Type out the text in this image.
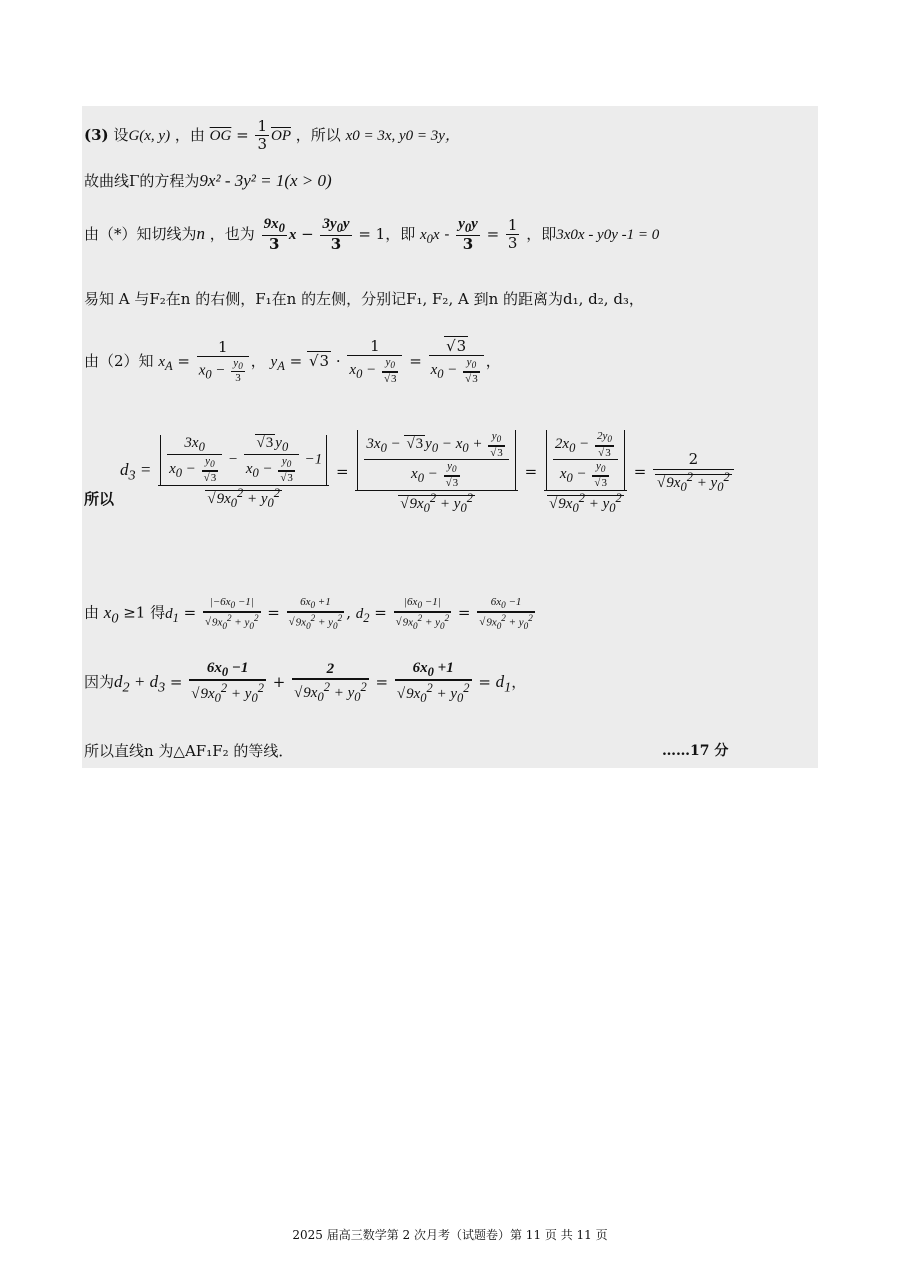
(3) 设G(x, y) ，由 $\overline{OG} = \frac{1}{3} \overline{OP}$ ，所以 x0 = 3x, y0 = 3y，
故曲线Γ的方程为9x² - 3y² = 1(x > 0)
由（*）知切线为n ，也为 $\frac{9x_0}{3}$ $x - \frac{3y_0y}{3} = 1$，即 $x_0x - \frac{y_0y}{3} = \frac{1}{3}$ ，即3x0x - y0y -1 = 0
易知 A 与F₂在n 的右侧，F₁在n 的左侧，分别记F₁, F₂, A 到n 的距离为d₁, d₂, d₃，
由（2）知 $x_A = \frac{1}{x_0 - \frac{y_0}{3}}$ ， $y_A$ = √ 3 · 1
$x_0 - y_0$
√ 3 = √ 3
$x_0 - y_0$
√ 3 ，
所以
$d_3 = 3x_0$
$x_0 - y_0$
√ 3 − √ 3 $y_0$
$x_0 - y_0$
√ 3 −1
√ $9x_0^2 + y_0^2 = 3x_0$ − √ 3 $y_0 - x_0 + y_0$
√ 3
$x_0 - y_0$
√ 3
√ $9x_0^2 + y_0^2 = 2x_0 - 2y_0$
√ 3
$x_0 - y_0$
√ 3
√ $9x_0^2 + y_0^2 = 2$
√ $9x_0^2 + y_0^2$
由 $x_0 \ge 1$ 得$d_1 = |-6x_0 -1|$
√ $9x_0^2 + y_0^2 = 6x_0 +1$
√ $9x_0^2 + y_0^2$ , $d_2 = |6x_0 -1|$
√ $9x_0^2 + y_0^2 = 6x_0 -1$
√ $9x_0^2 + y_0^2$
因为$d_2 + d_3 = 6x_0 -1$
√ $9x_0^2 + y_0^2 + 2$
√ $9x_0^2 + y_0^2 = 6x_0 +1$
√ $9x_0^2 + y_0^2 = d_1$，
所以直线n 为△AF₁F₂ 的等线．	……17 分
2025 届高三数学第 2 次月考（试题卷）第 11 页 共 11 页
